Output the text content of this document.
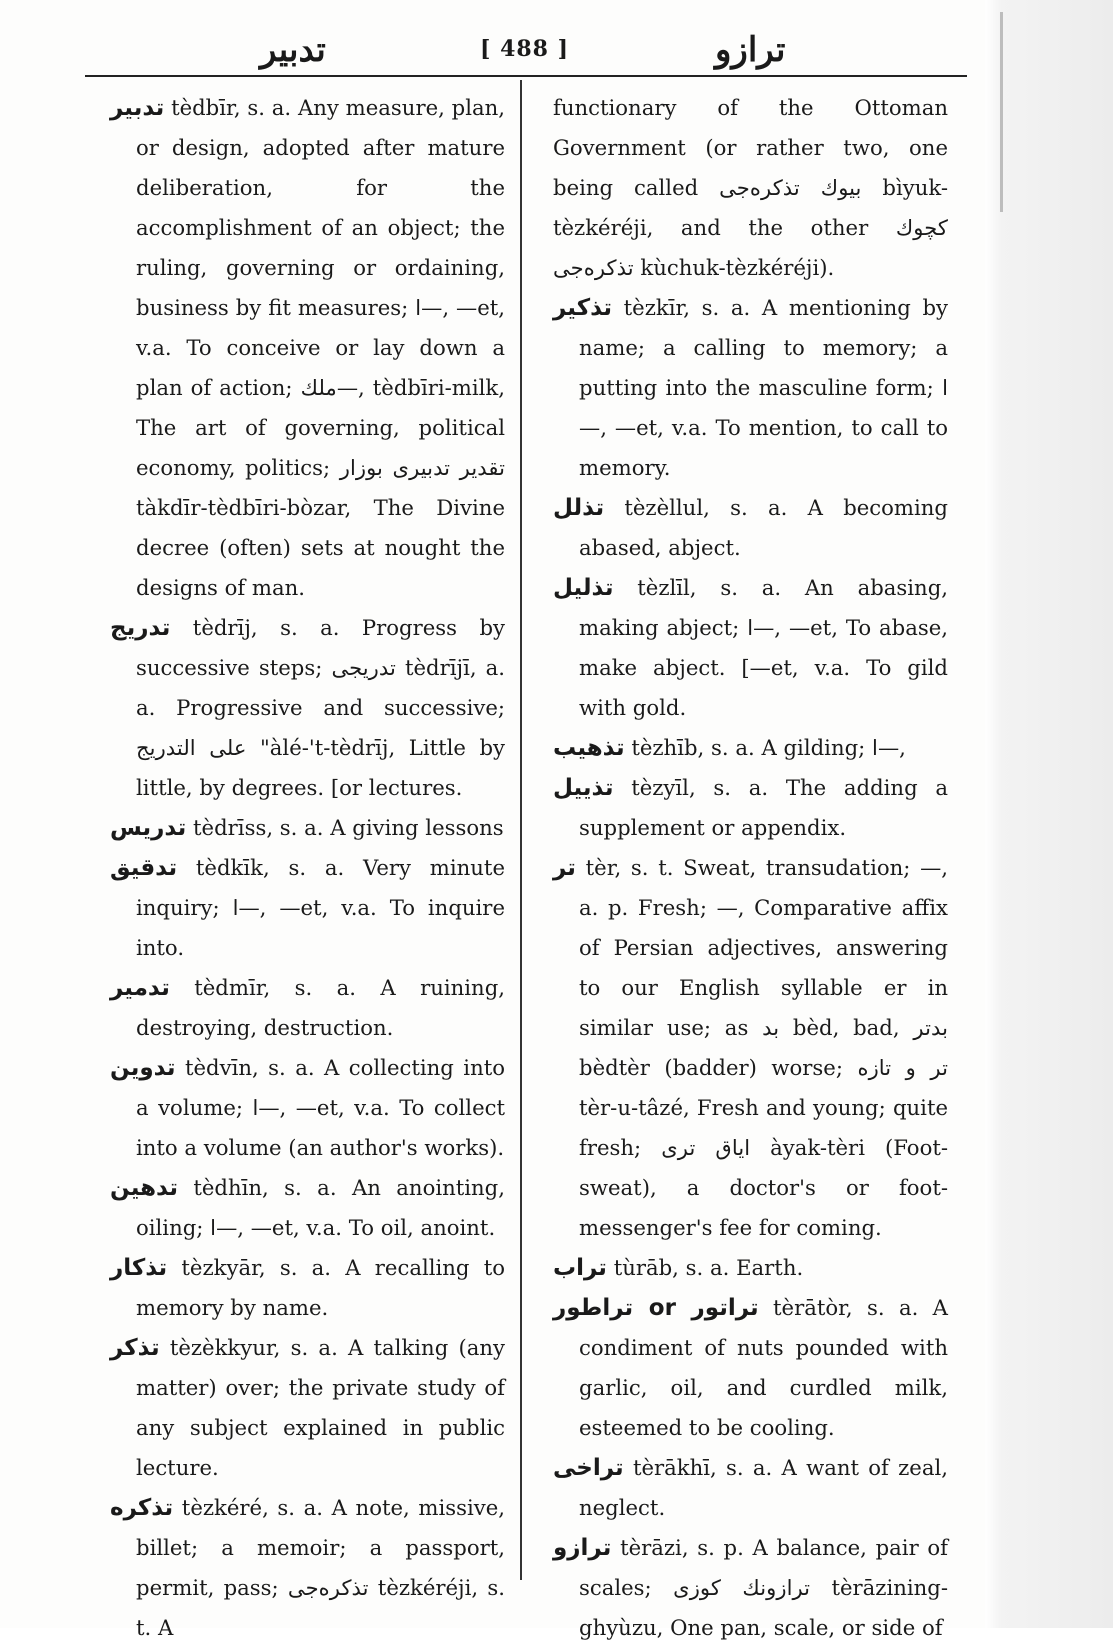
تدبیر	[ 488 ]	ترازو

تدبیر tèdbīr, s. a. Any measure, plan, or design, adopted after mature deliberation, for the accomplishment of an object; the ruling, governing or ordaining, business by fit measures; ا—, —et, v.a. To conceive or lay down a plan of action; ملك—, tèdbīri-milk, The art of governing, political economy, politics; تقدیر تدبیری بوزار tàkdīr-tèdbīri-bòzar, The Divine decree (often) sets at nought the designs of man.

تدریج tèdrīj, s. a. Progress by successive steps; تدریجی tèdrījī, a. a. Progressive and successive; علی التدریج "àlé-'t-tèdrīj, Little by little, by degrees. [or lectures.

تدریس tèdrīss, s. a. A giving lessons

تدقیق tèdkīk, s. a. Very minute inquiry; ا—, —et, v.a. To inquire into.

تدمیر tèdmīr, s. a. A ruining, destroying, destruction.

تدوین tèdvīn, s. a. A collecting into a volume; ا—, —et, v.a. To collect into a volume (an author's works).

تدهین tèdhīn, s. a. An anointing, oiling; ا—, —et, v.a. To oil, anoint.

تذکار tèzkyār, s. a. A recalling to memory by name.

تذکر tèzèkkyur, s. a. A talking (any matter) over; the private study of any subject explained in public lecture.

تذکره tèzkéré, s. a. A note, missive, billet; a memoir; a passport, permit, pass; تذکره‌جی tèzkéréji, s. t. A

functionary of the Ottoman Government (or rather two, one being called بیوك تذکره‌جی bìyuk-tèzkéréji, and the other کچوك تذکره‌جی kùchuk-tèzkéréji).

تذکیر tèzkīr, s. a. A mentioning by name; a calling to memory; a putting into the masculine form; ا—, —et, v.a. To mention, to call to memory.

تذلل tèzèllul, s. a. A becoming abased, abject.

تذلیل tèzlīl, s. a. An abasing, making abject; ا—, —et, To abase, make abject. [—et, v.a. To gild with gold.

تذهیب tèzhīb, s. a. A gilding; ا—,

تذییل tèzyīl, s. a. The adding a supplement or appendix.

تر tèr, s. t. Sweat, transudation; —, a. p. Fresh; —, Comparative affix of Persian adjectives, answering to our English syllable er in similar use; as بد bèd, bad, بدتر bèdtèr (badder) worse; تر و تازه tèr-u-tâzé, Fresh and young; quite fresh; ایاق تری àyak-tèri (Foot-sweat), a doctor's or foot-messenger's fee for coming.

تراب tùrāb, s. a. Earth.

تراتور or تراطور tèrātòr, s. a. A condiment of nuts pounded with garlic, oil, and curdled milk, esteemed to be cooling.

تراخی tèrākhī, s. a. A want of zeal, neglect.

ترازو tèrāzi, s. p. A balance, pair of scales; ترازونك کوزی tèrāzining-ghyùzu, One pan, scale, or side of
